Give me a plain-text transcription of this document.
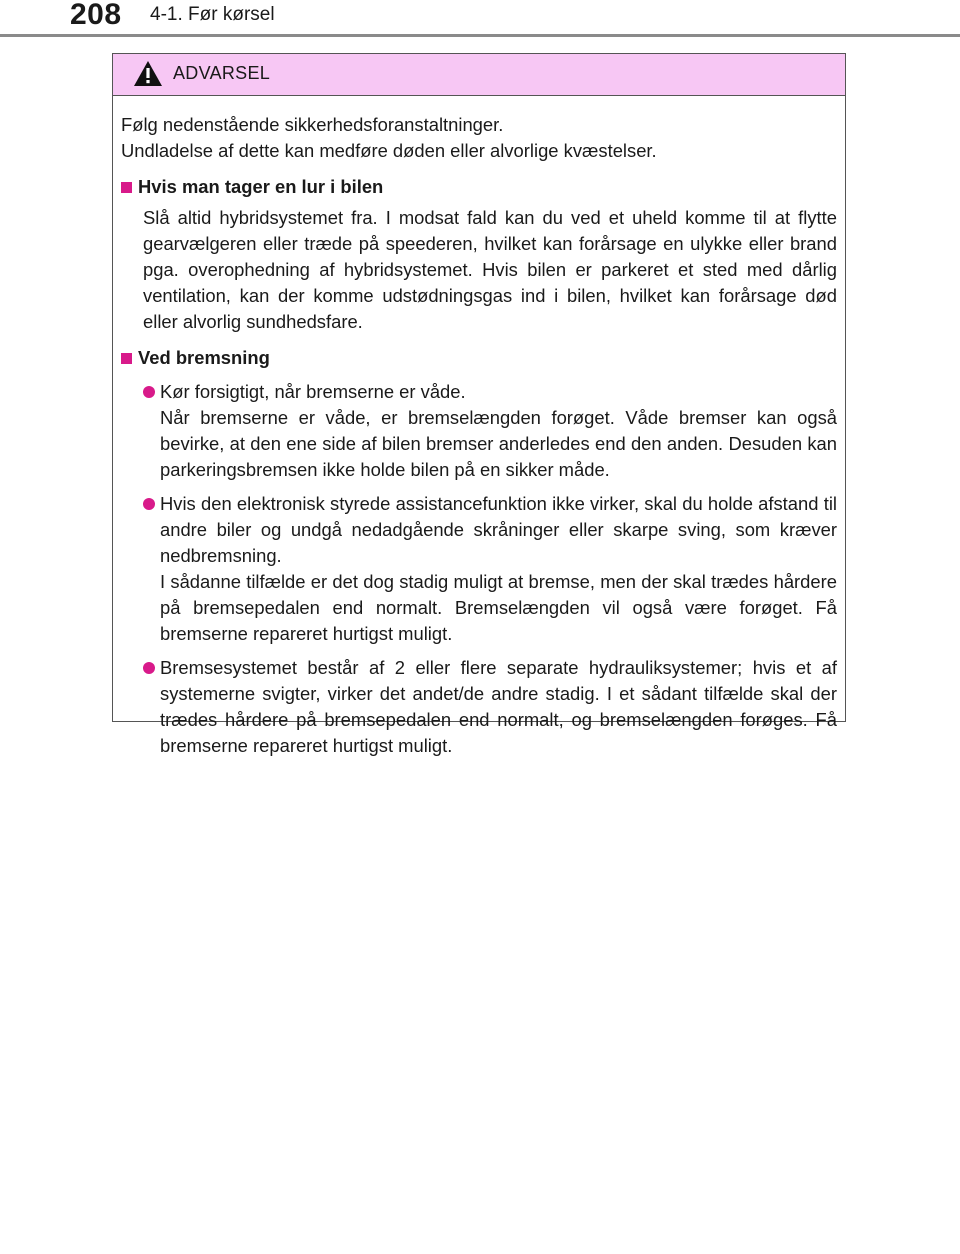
208 4-1. Før kørsel
ADVARSEL

Følg nedenstående sikkerhedsforanstaltninger.

Undladelse af dette kan medføre døden eller alvorlige kvæstelser.

Hvis man tager en lur i bilen

Slå altid hybridsystemet fra. I modsat fald kan du ved et uheld komme til at flytte gearvælgeren eller træde på speederen, hvilket kan forårsage en ulykke eller brand pga. overophedning af hybridsystemet. Hvis bilen er parkeret et sted med dårlig ventilation, kan der komme udstødningsgas ind i bilen, hvilket kan forårsage død eller alvorlig sundhedsfare.

Ved bremsning

Kør forsigtigt, når bremserne er våde.

Når bremserne er våde, er bremselængden forøget. Våde bremser kan også bevirke, at den ene side af bilen bremser anderledes end den anden. Desuden kan parkeringsbremsen ikke holde bilen på en sikker måde.

Hvis den elektronisk styrede assistancefunktion ikke virker, skal du holde afstand til andre biler og undgå nedadgående skråninger eller skarpe sving, som kræver nedbremsning.

I sådanne tilfælde er det dog stadig muligt at bremse, men der skal trædes hårdere på bremsepedalen end normalt. Bremselængden vil også være forøget. Få bremserne repareret hurtigst muligt.

Bremsesystemet består af 2 eller flere separate hydrauliksystemer; hvis et af systemerne svigter, virker det andet/de andre stadig. I et sådant tilfælde skal der trædes hårdere på bremsepedalen end normalt, og bremselængden forøges. Få bremserne repareret hurtigst muligt.
